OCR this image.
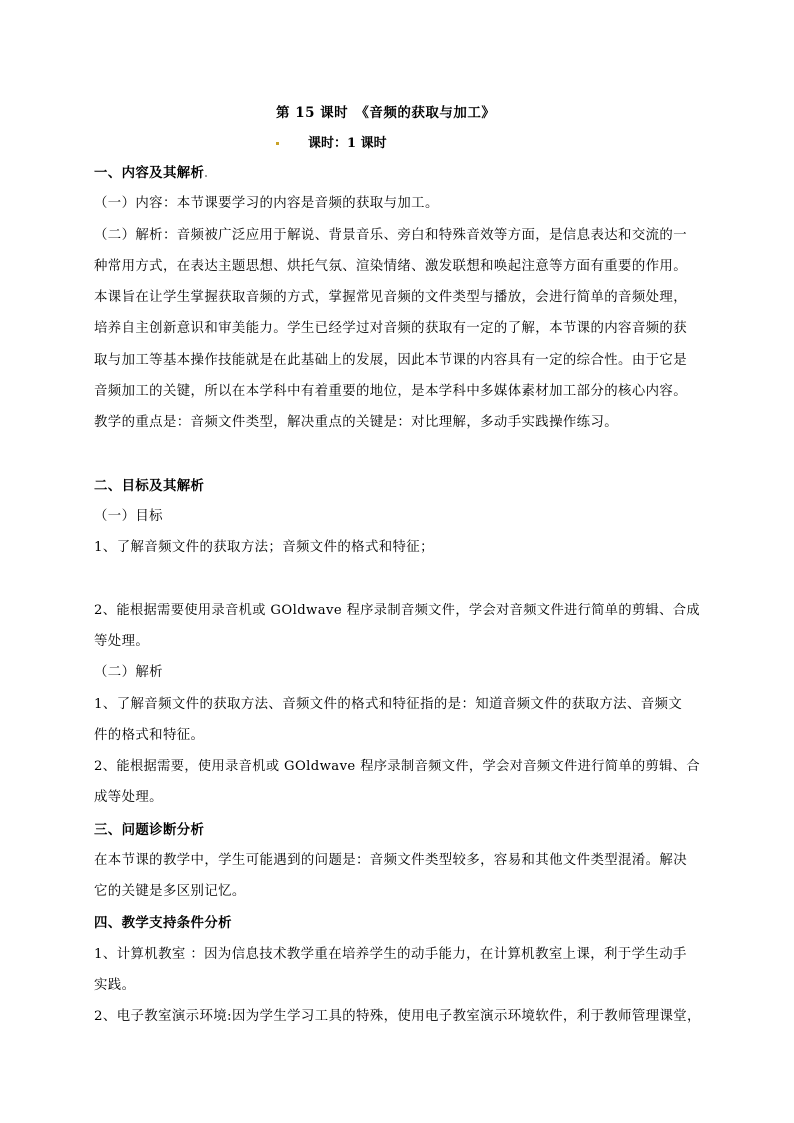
第 15 课时　《音频的获取与加工》
课时：1 课时
一、内容及其解析
（一）内容：本节课要学习的内容是音频的获取与加工。
（二）解析：音频被广泛应用于解说、背景音乐、旁白和特殊音效等方面，是信息表达和交流的一
种常用方式，在表达主题思想、烘托气氛、渲染情绪、激发联想和唤起注意等方面有重要的作用。
本课旨在让学生掌握获取音频的方式，掌握常见音频的文件类型与播放，会进行简单的音频处理，
培养自主创新意识和审美能力。学生已经学过对音频的获取有一定的了解，本节课的内容音频的获
取与加工等基本操作技能就是在此基础上的发展，因此本节课的内容具有一定的综合性。由于它是
音频加工的关键，所以在本学科中有着重要的地位，是本学科中多媒体素材加工部分的核心内容。
教学的重点是：音频文件类型，解决重点的关键是：对比理解，多动手实践操作练习。
二、目标及其解析
（一）目标
1、了解音频文件的获取方法；音频文件的格式和特征；
2、能根据需要使用录音机或 GOldwave 程序录制音频文件，学会对音频文件进行简单的剪辑、合成
等处理。
（二）解析
1、了解音频文件的获取方法、音频文件的格式和特征指的是：知道音频文件的获取方法、音频文
件的格式和特征。
2、能根据需要，使用录音机或 GOldwave 程序录制音频文件，学会对音频文件进行简单的剪辑、合
成等处理。
三、问题诊断分析
在本节课的教学中，学生可能遇到的问题是：音频文件类型较多，容易和其他文件类型混淆。解决
它的关键是多区别记忆。
四、教学支持条件分析
1、计算机教室 ：因为信息技术教学重在培养学生的动手能力，在计算机教室上课，利于学生动手
实践。
2、电子教室演示环境:因为学生学习工具的特殊，使用电子教室演示环境软件，利于教师管理课堂，
